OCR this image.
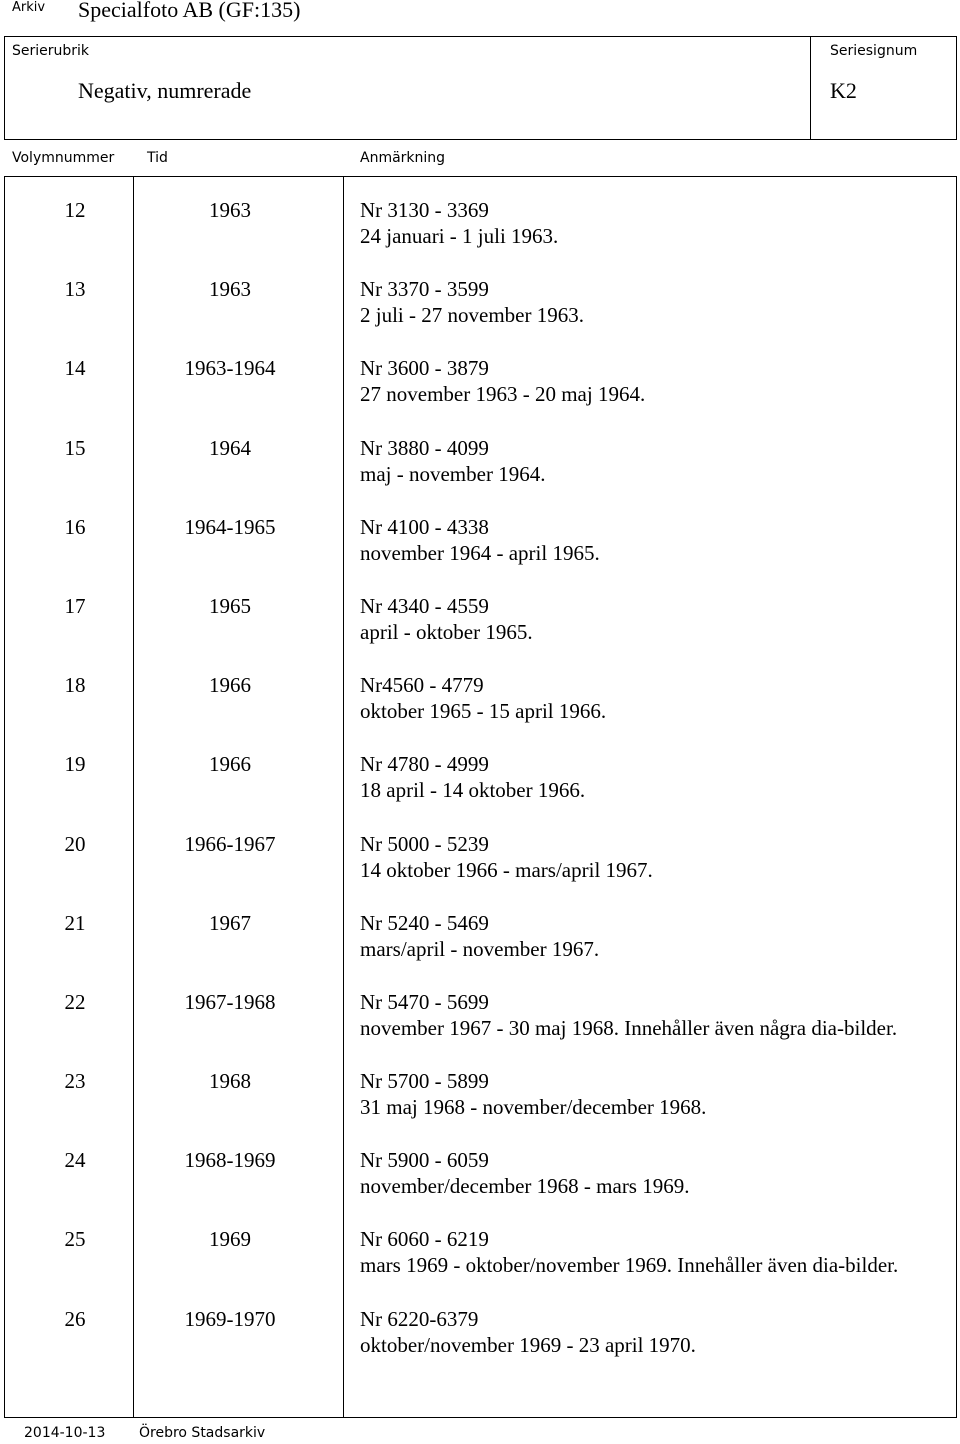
Arkiv Specialfoto AB (GF:135)
Serierubrik
Negativ, numrerade
Seriesignum
K2
Volymnummer Tid	Anmärkning
12	1963	Nr 3130 - 3369
24 januari - 1 juli 1963.
13	1963	Nr 3370 - 3599
2 juli - 27 november 1963.
14	1963-1964	Nr 3600 - 3879
27 november 1963 - 20 maj 1964.
15	1964	Nr 3880 - 4099
maj - november 1964.
16	1964-1965	Nr 4100 - 4338
november 1964 - april 1965.
17	1965	Nr 4340 - 4559
april - oktober 1965.
18	1966	Nr4560 - 4779
oktober 1965 - 15 april 1966.
19	1966	Nr 4780 - 4999
18 april - 14 oktober 1966.
20	1966-1967	Nr 5000 - 5239
14 oktober 1966 - mars/april 1967.
21	1967	Nr 5240 - 5469
mars/april - november 1967.
22	1967-1968	Nr 5470 - 5699
november 1967 - 30 maj 1968. Innehåller även några dia-bilder.
23	1968	Nr 5700 - 5899
31 maj 1968 - november/december 1968.
24	1968-1969	Nr 5900 - 6059
november/december 1968 - mars 1969.
25	1969	Nr 6060 - 6219
mars 1969 - oktober/november 1969. Innehåller även dia-bilder.
26	1969-1970	Nr 6220-6379
oktober/november 1969 - 23 april 1970.
2014-10-13 Örebro Stadsarkiv
